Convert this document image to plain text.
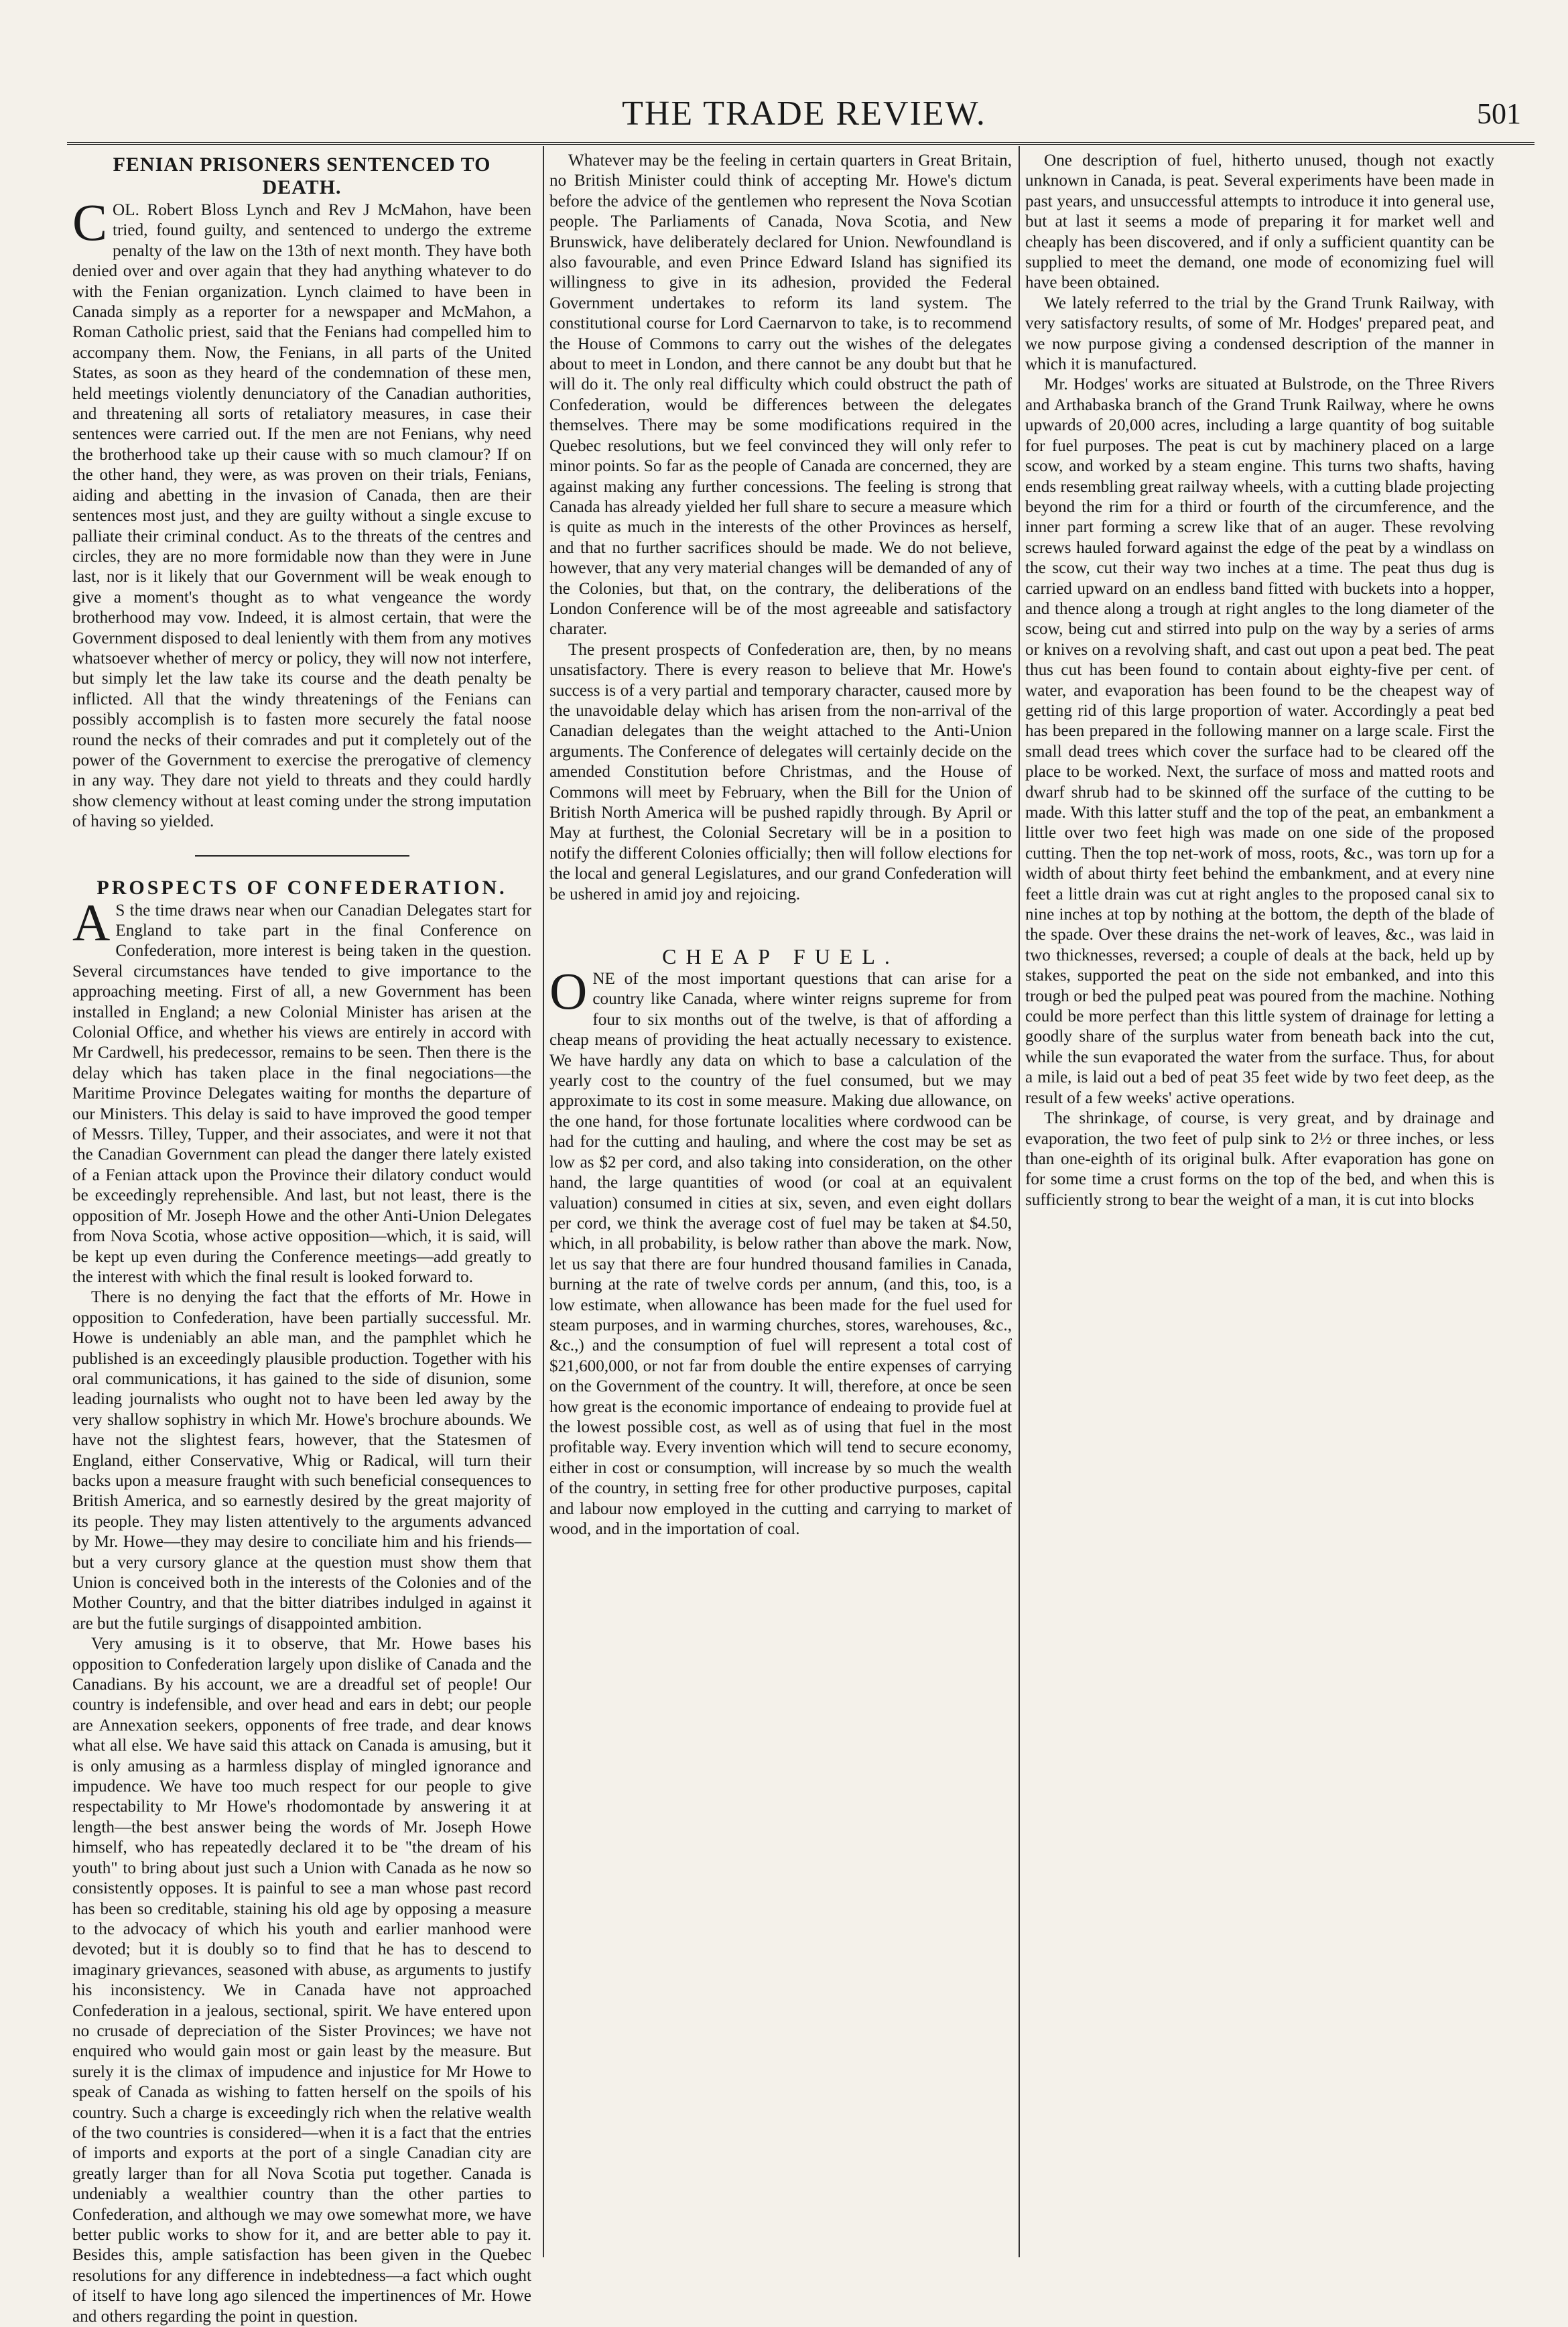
THE TRADE REVIEW.	501
FENIAN PRISONERS SENTENCED TO DEATH.

COL. Robert Bloss Lynch and Rev J McMahon, have been tried, found guilty, and sentenced to undergo the extreme penalty of the law on the 13th of next month. They have both denied over and over again that they had anything whatever to do with the Fenian organization. Lynch claimed to have been in Canada simply as a reporter for a newspaper and McMahon, a Roman Catholic priest, said that the Fenians had compelled him to accompany them. Now, the Fenians, in all parts of the United States, as soon as they heard of the condemnation of these men, held meetings violently denunciatory of the Canadian authorities, and threatening all sorts of retaliatory measures, in case their sentences were carried out. If the men are not Fenians, why need the brotherhood take up their cause with so much clamour? If on the other hand, they were, as was proven on their trials, Fenians, aiding and abetting in the invasion of Canada, then are their sentences most just, and they are guilty without a single excuse to palliate their criminal conduct. As to the threats of the centres and circles, they are no more formidable now than they were in June last, nor is it likely that our Government will be weak enough to give a moment's thought as to what vengeance the wordy brotherhood may vow. Indeed, it is almost certain, that were the Government disposed to deal leniently with them from any motives whatsoever whether of mercy or policy, they will now not interfere, but simply let the law take its course and the death penalty be inflicted. All that the windy threatenings of the Fenians can possibly accomplish is to fasten more securely the fatal noose round the necks of their comrades and put it completely out of the power of the Government to exercise the prerogative of clemency in any way. They dare not yield to threats and they could hardly show clemency without at least coming under the strong imputation of having so yielded.

PROSPECTS OF CONFEDERATION.

A S the time draws near when our Canadian Delegates start for England to take part in the final Conference on Confederation, more interest is being taken in the question. Several circumstances have tended to give importance to the approaching meeting. First of all, a new Government has been installed in England; a new Colonial Minister has arisen at the Colonial Office, and whether his views are entirely in accord with Mr Cardwell, his predecessor, remains to be seen. Then there is the delay which has taken place in the final negociations—the Maritime Province Delegates waiting for months the departure of our Ministers. This delay is said to have improved the good temper of Messrs. Tilley, Tupper, and their associates, and were it not that the Canadian Government can plead the danger there lately existed of a Fenian attack upon the Province their dilatory conduct would be exceedingly reprehensible. And last, but not least, there is the opposition of Mr. Joseph Howe and the other Anti-Union Delegates from Nova Scotia, whose active opposition—which, it is said, will be kept up even during the Conference meetings—add greatly to the interest with which the final result is looked forward to.

There is no denying the fact that the efforts of Mr. Howe in opposition to Confederation, have been partially successful. Mr. Howe is undeniably an able man, and the pamphlet which he published is an exceedingly plausible production. Together with his oral communications, it has gained to the side of disunion, some leading journalists who ought not to have been led away by the very shallow sophistry in which Mr. Howe's brochure abounds. We have not the slightest fears, however, that the Statesmen of England, either Conservative, Whig or Radical, will turn their backs upon a measure fraught with such beneficial consequences to British America, and so earnestly desired by the great majority of its people. They may listen attentively to the arguments advanced by Mr. Howe—they may desire to conciliate him and his friends—but a very cursory glance at the question must show them that Union is conceived both in the interests of the Colonies and of the Mother Country, and that the bitter diatribes indulged in against it are but the futile surgings of disappointed ambition.

Very amusing is it to observe, that Mr. Howe bases his opposition to Confederation largely upon dislike of Canada and the Canadians. By his account, we are a dreadful set of people! Our country is indefensible, and over head and ears in debt; our people are Annexation seekers, opponents of free trade, and dear knows what all else. We have said this attack on Canada is amusing, but it is only amusing as a harmless display of mingled ignorance and impudence. We have too much respect for our people to give respectability to Mr Howe's rhodomontade by answering it at length—the best answer being the words of Mr. Joseph Howe himself, who has repeatedly declared it to be "the dream of his youth" to bring about just such a Union with Canada as he now so consistently opposes. It is painful to see a man whose past record has been so creditable, staining his old age by opposing a measure to the advocacy of which his youth and earlier manhood were devoted; but it is doubly so to find that he has to descend to imaginary grievances, seasoned with abuse, as arguments to justify his inconsistency. We in Canada have not approached Confederation in a jealous, sectional, spirit. We have entered upon no crusade of depreciation of the Sister Provinces; we have not enquired who would gain most or gain least by the measure. But surely it is the climax of impudence and injustice for Mr Howe to speak of Canada as wishing to fatten herself on the spoils of his country. Such a charge is exceedingly rich when the relative wealth of the two countries is considered—when it is a fact that the entries of imports and exports at the port of a single Canadian city are greatly larger than for all Nova Scotia put together. Canada is undeniably a wealthier country than the other parties to Confederation, and although we may owe somewhat more, we have better public works to show for it, and are better able to pay it. Besides this, ample satisfaction has been given in the Quebec resolutions for any difference in indebtedness—a fact which ought of itself to have long ago silenced the impertinences of Mr. Howe and others regarding the point in question.

Whatever may be the feeling in certain quarters in Great Britain, no British Minister could think of accepting Mr. Howe's dictum before the advice of the gentlemen who represent the Nova Scotian people. The Parliaments of Canada, Nova Scotia, and New Brunswick, have deliberately declared for Union. Newfoundland is also favourable, and even Prince Edward Island has signified its willingness to give in its adhesion, provided the Federal Government undertakes to reform its land system. The constitutional course for Lord Caernarvon to take, is to recommend the House of Commons to carry out the wishes of the delegates about to meet in London, and there cannot be any doubt but that he will do it. The only real difficulty which could obstruct the path of Confederation, would be differences between the delegates themselves. There may be some modifications required in the Quebec resolutions, but we feel convinced they will only refer to minor points. So far as the people of Canada are concerned, they are against making any further concessions. The feeling is strong that Canada has already yielded her full share to secure a measure which is quite as much in the interests of the other Provinces as herself, and that no further sacrifices should be made. We do not believe, however, that any very material changes will be demanded of any of the Colonies, but that, on the contrary, the deliberations of the London Conference will be of the most agreeable and satisfactory charater.

The present prospects of Confederation are, then, by no means unsatisfactory. There is every reason to believe that Mr. Howe's success is of a very partial and temporary character, caused more by the unavoidable delay which has arisen from the non-arrival of the Canadian delegates than the weight attached to the Anti-Union arguments. The Conference of delegates will certainly decide on the amended Constitution before Christmas, and the House of Commons will meet by February, when the Bill for the Union of British North America will be pushed rapidly through. By April or May at furthest, the Colonial Secretary will be in a position to notify the different Colonies officially; then will follow elections for the local and general Legislatures, and our grand Confederation will be ushered in amid joy and rejoicing.

CHEAP FUEL.

ONE of the most important questions that can arise for a country like Canada, where winter reigns supreme for from four to six months out of the twelve, is that of affording a cheap means of providing the heat actually necessary to existence. We have hardly any data on which to base a calculation of the yearly cost to the country of the fuel consumed, but we may approximate to its cost in some measure. Making due allowance, on the one hand, for those fortunate localities where cordwood can be had for the cutting and hauling, and where the cost may be set as low as $2 per cord, and also taking into consideration, on the other hand, the large quantities of wood (or coal at an equivalent valuation) consumed in cities at six, seven, and even eight dollars per cord, we think the average cost of fuel may be taken at $4.50, which, in all probability, is below rather than above the mark. Now, let us say that there are four hundred thousand families in Canada, burning at the rate of twelve cords per annum, (and this, too, is a low estimate, when allowance has been made for the fuel used for steam purposes, and in warming churches, stores, warehouses, &c., &c.,) and the consumption of fuel will represent a total cost of $21,600,000, or not far from double the entire expenses of carrying on the Government of the country. It will, therefore, at once be seen how great is the economic importance of endeaing to provide fuel at the lowest possible cost, as well as of using that fuel in the most profitable way. Every invention which will tend to secure economy, either in cost or consumption, will increase by so much the wealth of the country, in setting free for other productive purposes, capital and labour now employed in the cutting and carrying to market of wood, and in the importation of coal.

One description of fuel, hitherto unused, though not exactly unknown in Canada, is peat. Several experiments have been made in past years, and unsuccessful attempts to introduce it into general use, but at last it seems a mode of preparing it for market well and cheaply has been discovered, and if only a sufficient quantity can be supplied to meet the demand, one mode of economizing fuel will have been obtained.

We lately referred to the trial by the Grand Trunk Railway, with very satisfactory results, of some of Mr. Hodges' prepared peat, and we now purpose giving a condensed description of the manner in which it is manufactured.

Mr. Hodges' works are situated at Bulstrode, on the Three Rivers and Arthabaska branch of the Grand Trunk Railway, where he owns upwards of 20,000 acres, including a large quantity of bog suitable for fuel purposes. The peat is cut by machinery placed on a large scow, and worked by a steam engine. This turns two shafts, having ends resembling great railway wheels, with a cutting blade projecting beyond the rim for a third or fourth of the circumference, and the inner part forming a screw like that of an auger. These revolving screws hauled forward against the edge of the peat by a windlass on the scow, cut their way two inches at a time. The peat thus dug is carried upward on an endless band fitted with buckets into a hopper, and thence along a trough at right angles to the long diameter of the scow, being cut and stirred into pulp on the way by a series of arms or knives on a revolving shaft, and cast out upon a peat bed. The peat thus cut has been found to contain about eighty-five per cent. of water, and evaporation has been found to be the cheapest way of getting rid of this large proportion of water. Accordingly a peat bed has been prepared in the following manner on a large scale. First the small dead trees which cover the surface had to be cleared off the place to be worked. Next, the surface of moss and matted roots and dwarf shrub had to be skinned off the surface of the cutting to be made. With this latter stuff and the top of the peat, an embankment a little over two feet high was made on one side of the proposed cutting. Then the top net-work of moss, roots, &c., was torn up for a width of about thirty feet behind the embankment, and at every nine feet a little drain was cut at right angles to the proposed canal six to nine inches at top by nothing at the bottom, the depth of the blade of the spade. Over these drains the net-work of leaves, &c., was laid in two thicknesses, reversed; a couple of deals at the back, held up by stakes, supported the peat on the side not embanked, and into this trough or bed the pulped peat was poured from the machine. Nothing could be more perfect than this little system of drainage for letting a goodly share of the surplus water from beneath back into the cut, while the sun evaporated the water from the surface. Thus, for about a mile, is laid out a bed of peat 35 feet wide by two feet deep, as the result of a few weeks' active operations.

The shrinkage, of course, is very great, and by drainage and evaporation, the two feet of pulp sink to 2½ or three inches, or less than one-eighth of its original bulk. After evaporation has gone on for some time a crust forms on the top of the bed, and when this is sufficiently strong to bear the weight of a man, it is cut into blocks
